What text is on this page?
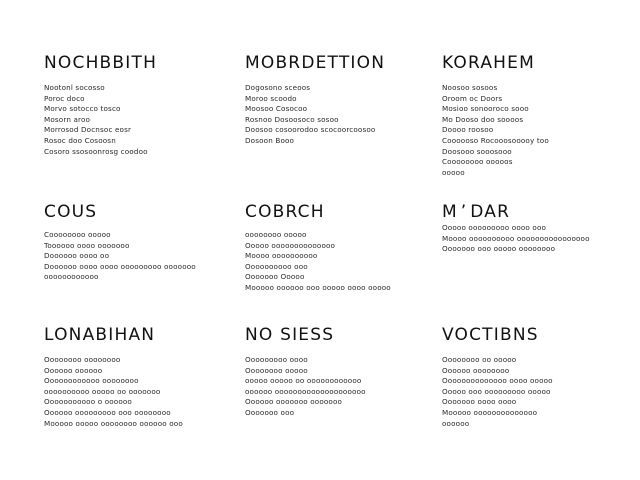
NOCHBBITH
Nootonl socosso
Poroc doco
Morvo sotocco tosco
Mosorn aroo
Morrosod Docnsoc eosr
Rosoc doo Cosoosn
Cosoro ssosoonrosg coodoo
MOBRDETTION
Dogosono sceoos
Moroo scoodo
Moosoo Cosocoo
Rosnoo Dosoosoco sosoo
Doosoo cosoorodoo scocoorcoosoo
Dosoon Booo
KORAHEM
Noosoo sosoos
Oroom oc Doors
Mosioo sonooroco sooo
Mo Dooso doo soooos
Doooo roosoo
Coooooso Rocooosooooy too
Doosooo sooosooo
Coooooooo ooooos
ooooo
COUS
Coooooooo ooooo
Toooooo oooo ooooooo
Doooooo oooo oo
Doooooo oooo oooo ooooooooo ooooooo
oooooooooooo
COBRCH
oooooooo ooooo
Ooooo oooooooooooooo
Moooo oooooooooo
Oooooooooo ooo
Ooooooo Ooooo
Mooooo oooooo ooo ooooo oooo ooooo
M ’ DAR
Ooooo ooooooooo oooo ooo
Moooo oooooooooo oooooooooooooooo
Ooooooo ooo ooooo oooooooo
LONABIHAN
Oooooooo oooooooo
Oooooo oooooo
Oooooooooooo oooooooo
oooooooooo ooooo oo ooooooo
Ooooooooooo o oooooo
Oooooo ooooooooo ooo oooooooo
Mooooo ooooo oooooooo oooooo ooo
NO SIESS
Ooooooooo oooo
Oooooooo ooooo
ooooo ooooo oo oooooooooooo
oooooo oooooooooooooooooooo
Oooooo ooooooo ooooooo
Ooooooo ooo
VOCTIBNS
Oooooooo oo ooooo
Oooooo oooooooo
Oooooooooooooo oooo ooooo
Ooooo ooo ooooooooo ooooo
Ooooooo oooo oooo
Mooooo oooooooooooooo
oooooo
